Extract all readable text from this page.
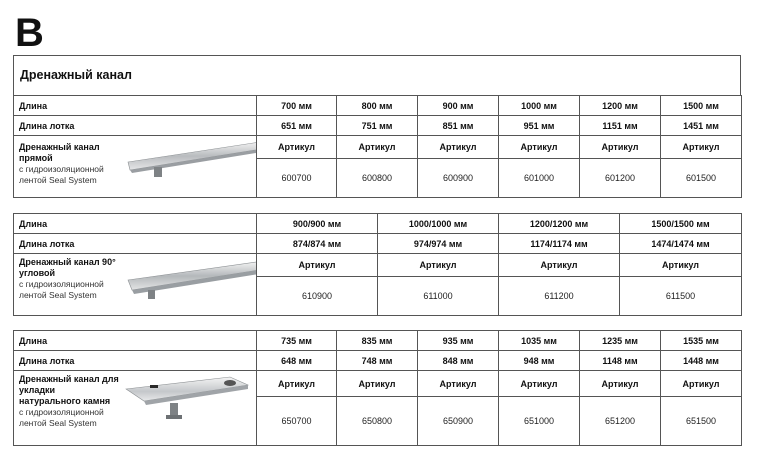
B
Дренажный канал
Длина	700 мм	800 мм	900 мм	1000 мм	1200 мм	1500 мм
Длина лотка	651 мм	751 мм	851 мм	951 мм	1151 мм	1451 мм

Дренажный канал прямой
с гидроизоляционной лентой Seal System	Артикул	Артикул	Артикул	Артикул	Артикул	Артикул
	600700	600800	600900	601000	601200	601500
Длина	900/900 мм	1000/1000 мм	1200/1200 мм	1500/1500 мм
Длина лотка	874/874 мм	974/974 мм	1174/1174 мм	1474/1474 мм

Дренажный канал 90° угловой
с гидроизоляционной лентой Seal System	Артикул	Артикул	Артикул	Артикул
	610900	611000	611200	611500
Длина	735 мм	835 мм	935 мм	1035 мм	1235 мм	1535 мм
Длина лотка	648 мм	748 мм	848 мм	948 мм	1148 мм	1448 мм

Дренажный канал для укладки натурального камня
с гидроизоляционной лентой Seal System	Артикул	Артикул	Артикул	Артикул	Артикул	Артикул
	650700	650800	650900	651000	651200	651500
